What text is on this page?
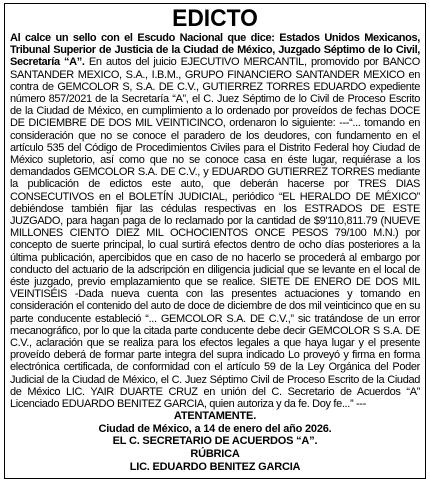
EDICTO

Al calce un sello con el Escudo Nacional que dice: Estados Unidos Mexicanos, Tribunal Superior de Justicia de la Ciudad de México, Juzgado Séptimo de lo Civil, Secretaría “A”. En autos del juicio EJECUTIVO MERCANTIL, promovido por BANCO SANTANDER MEXICO, S.A., I.B.M., GRUPO FINANCIERO SANTANDER MEXICO en contra de GEMCOLOR S, S.A. DE C.V., GUTIERREZ TORRES EDUARDO expediente número 857/2021 de la Secretaría “A”, el C. Juez Séptimo de lo Civil de Proceso Escrito de la Ciudad de México, en cumplimiento a lo ordenado por proveídos de fechas DOCE DE DICIEMBRE DE DOS MIL VEINTICINCO, ordenaron lo siguiente: ---“... tomando en consideración que no se conoce el paradero de los deudores, con fundamento en el artículo 535 del Código de Procedimientos Civiles para el Distrito Federal hoy Ciudad de México supletorio, así como que no se conoce casa en éste lugar, requiérase a los demandados GEMCOLOR S.A. DE C.V., y EDUARDO GUTIERREZ TORRES mediante la publicación de edictos este auto, que deberán hacerse por TRES DIAS CONSECUTIVOS en el BOLETÍN JUDICIAL, periódico “EL HERALDO DE MÉXICO” debiéndose también fijar las cédulas respectivas en los ESTRADOS DE ESTE JUZGADO, para hagan paga de lo reclamado por la cantidad de $9'110,811.79 (NUEVE MILLONES CIENTO DIEZ MIL OCHOCIENTOS ONCE PESOS 79/100 M.N.) por concepto de suerte principal, lo cual surtirá efectos dentro de ocho días posteriores a la última publicación, apercibidos que en caso de no hacerlo se procederá al embargo por conducto del actuario de la adscripción en diligencia judicial que se levante en el local de éste juzgado, previo emplazamiento que se realice. SIETE DE ENERO DE DOS MIL VEINTISÉIS -Dada nueva cuenta con las presentes actuaciones y tomando en consideración el contenido del auto de doce de diciembre de dos mil veinticinco que en su parte conducente estableció “... GEMCOLOR S.A. DE C.V.,” sic tratándose de un error mecanográfico, por lo que la citada parte conducente debe decir GEMCOLOR S S.A. DE C.V., aclaración que se realiza para los efectos legales a que haya lugar y el presente proveído deberá de formar parte integra del supra indicado Lo proveyó y firma en forma electrónica certificada, de conformidad con el artículo 59 de la Ley Orgánica del Poder Judicial de la Ciudad de México, el C. Juez Séptimo Civil de Proceso Escrito de la Ciudad de México LIC. YAIR DUARTE CRUZ en unión del C. Secretario de Acuerdos “A” Licenciado EDUARDO BENITEZ GARCIA, quien autoriza y da fe. Doy fe...” ---

ATENTAMENTE.

Ciudad de México, a 14 de enero del año 2026.

EL C. SECRETARIO DE ACUERDOS “A”.

RÚBRICA

LIC. EDUARDO BENITEZ GARCIA
